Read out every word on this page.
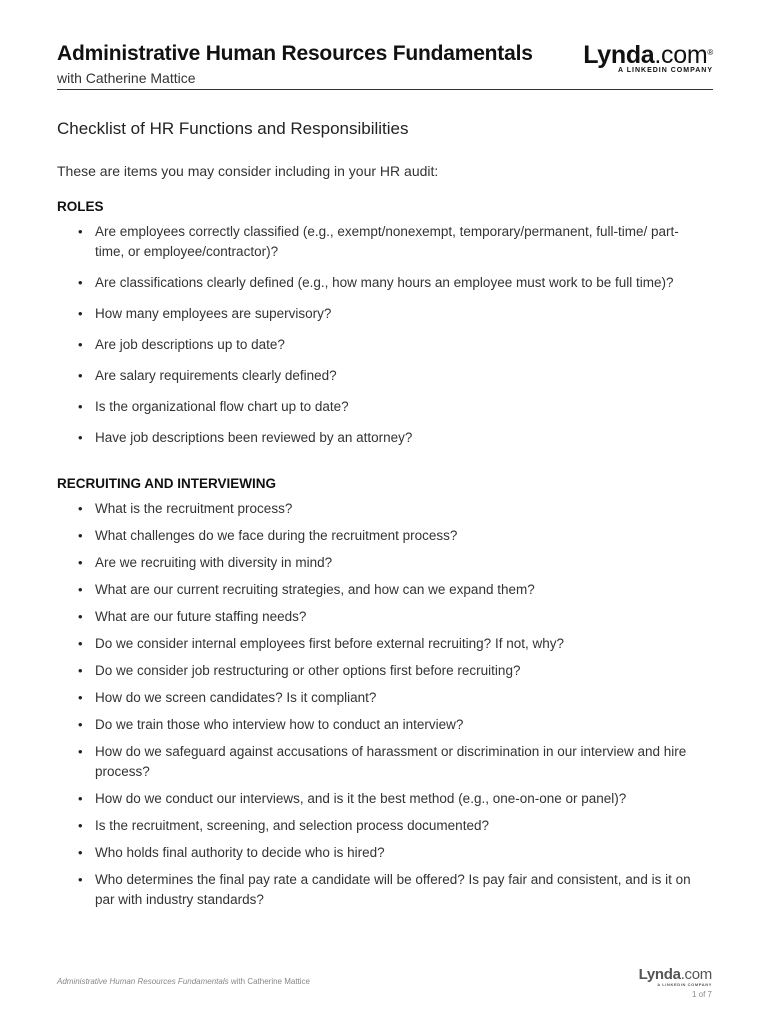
Administrative Human Resources Fundamentals
with Catherine Mattice
Lynda.com®
A LINKEDIN COMPANY
Checklist of HR Functions and Responsibilities

These are items you may consider including in your HR audit:

ROLES
• Are employees correctly classified (e.g., exempt/nonexempt, temporary/permanent, full-time/ part-time, or employee/contractor)?
• Are classifications clearly defined (e.g., how many hours an employee must work to be full time)?
• How many employees are supervisory?
• Are job descriptions up to date?
• Are salary requirements clearly defined?
• Is the organizational flow chart up to date?
• Have job descriptions been reviewed by an attorney?
RECRUITING AND INTERVIEWING
• What is the recruitment process?
• What challenges do we face during the recruitment process?
• Are we recruiting with diversity in mind?
• What are our current recruiting strategies, and how can we expand them?
• What are our future staffing needs?
• Do we consider internal employees first before external recruiting? If not, why?
• Do we consider job restructuring or other options first before recruiting?
• How do we screen candidates? Is it compliant?
• Do we train those who interview how to conduct an interview?
• How do we safeguard against accusations of harassment or discrimination in our interview and hire process?
• How do we conduct our interviews, and is it the best method (e.g., one-on-one or panel)?
• Is the recruitment, screening, and selection process documented?
• Who holds final authority to decide who is hired?
• Who determines the final pay rate a candidate will be offered? Is pay fair and consistent, and is it on par with industry standards?
Administrative Human Resources Fundamentals with Catherine Mattice	Lynda.com
A LINKEDIN COMPANY
1 of 7
